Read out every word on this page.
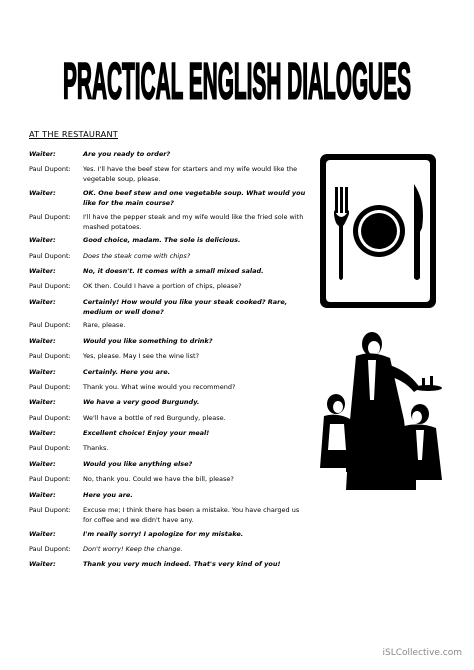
PRACTICAL ENGLISH DIALOGUES
AT THE RESTAURANT
Waiter:	Are you ready to order?
Paul Dupont:	Yes. I'll have the beef stew for starters and my wife would like the vegetable soup, please.
Waiter:	OK. One beef stew and one vegetable soup. What would you like for the main course?
Paul Dupont:	I'll have the pepper steak and my wife would like the fried sole with mashed potatoes.
Waiter:	Good choice, madam. The sole is delicious.
Paul Dupont:	Does the steak come with chips?
Waiter:	No, it doesn't. It comes with a small mixed salad.
Paul Dupont:	OK then. Could I have a portion of chips, please?
Waiter:	Certainly! How would you like your steak cooked? Rare, medium or well done?
Paul Dupont:	Rare, please.
Waiter:	Would you like something to drink?
Paul Dupont:	Yes, please. May I see the wine list?
Waiter:	Certainly. Here you are.
Paul Dupont:	Thank you. What wine would you recommend?
Waiter:	We have a very good Burgundy.
Paul Dupont:	We'll have a bottle of red Burgundy, please.
Waiter:	Excellent choice! Enjoy your meal!
Paul Dupont:	Thanks.
Waiter:	Would you like anything else?
Paul Dupont:	No, thank you. Could we have the bill, please?
Waiter:	Here you are.
Paul Dupont:	Excuse me; I think there has been a mistake. You have charged us for coffee and we didn't have any.
Waiter:	I'm really sorry! I apologize for my mistake.
Paul Dupont:	Don't worry! Keep the change.
Waiter:	Thank you very much indeed. That's very kind of you!
iSLCollective.com
